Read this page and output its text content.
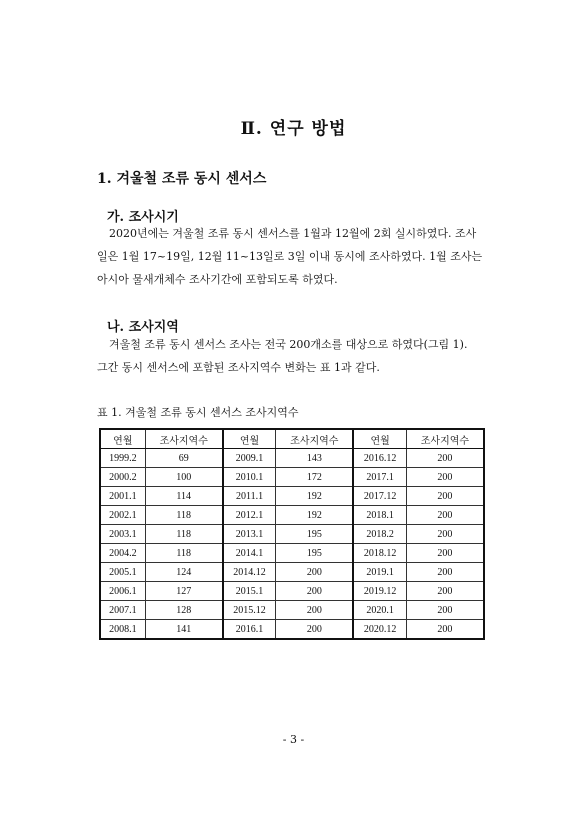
Ⅱ. 연구 방법
1. 겨울철 조류 동시 센서스
가. 조사시기
2020년에는 겨울철 조류 동시 센서스를 1월과 12월에 2회 실시하였다. 조사
일은 1월 17~19일, 12월 11~13일로 3일 이내 동시에 조사하였다. 1월 조사는
아시아 물새개체수 조사기간에 포함되도록 하였다.
나. 조사지역
겨울철 조류 동시 센서스 조사는 전국 200개소를 대상으로 하였다(그림 1).
그간 동시 센서스에 포함된 조사지역수 변화는 표 1과 같다.
표 1. 겨울철 조류 동시 센서스 조사지역수
연월	조사지역수	연월	조사지역수	연월	조사지역수
1999.2	69	2009.1	143	2016.12	200
2000.2	100	2010.1	172	2017.1	200
2001.1	114	2011.1	192	2017.12	200
2002.1	118	2012.1	192	2018.1	200
2003.1	118	2013.1	195	2018.2	200
2004.2	118	2014.1	195	2018.12	200
2005.1	124	2014.12	200	2019.1	200
2006.1	127	2015.1	200	2019.12	200
2007.1	128	2015.12	200	2020.1	200
2008.1	141	2016.1	200	2020.12	200
- 3 -
